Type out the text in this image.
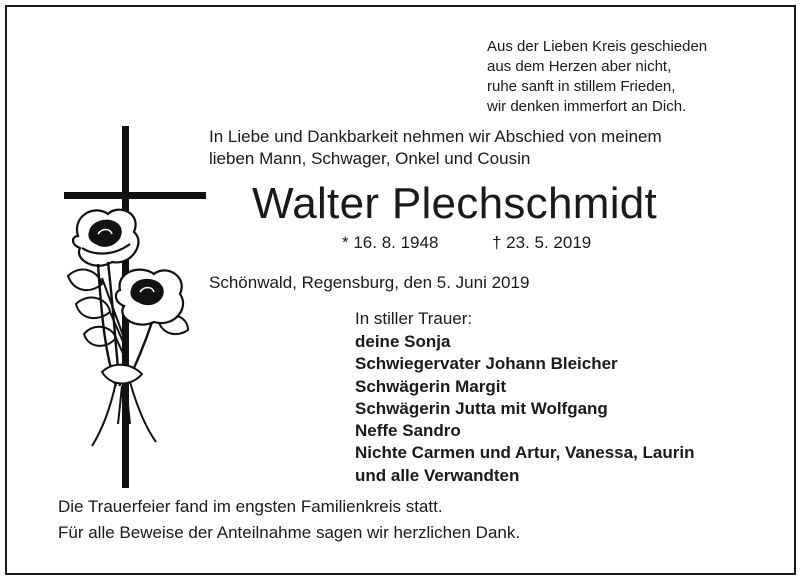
Aus der Lieben Kreis geschieden
aus dem Herzen aber nicht,
ruhe sanft in stillem Frieden,
wir denken immerfort an Dich.
In Liebe und Dankbarkeit nehmen wir Abschied von meinem
lieben Mann, Schwager, Onkel und Cousin
Walter Plechschmidt
* 16. 8. 1948	† 23. 5. 2019
Schönwald, Regensburg, den 5. Juni 2019
In stiller Trauer:
deine Sonja
Schwiegervater Johann Bleicher
Schwägerin Margit
Schwägerin Jutta mit Wolfgang
Neffe Sandro
Nichte Carmen und Artur, Vanessa, Laurin
und alle Verwandten
Die Trauerfeier fand im engsten Familienkreis statt.
Für alle Beweise der Anteilnahme sagen wir herzlichen Dank.
